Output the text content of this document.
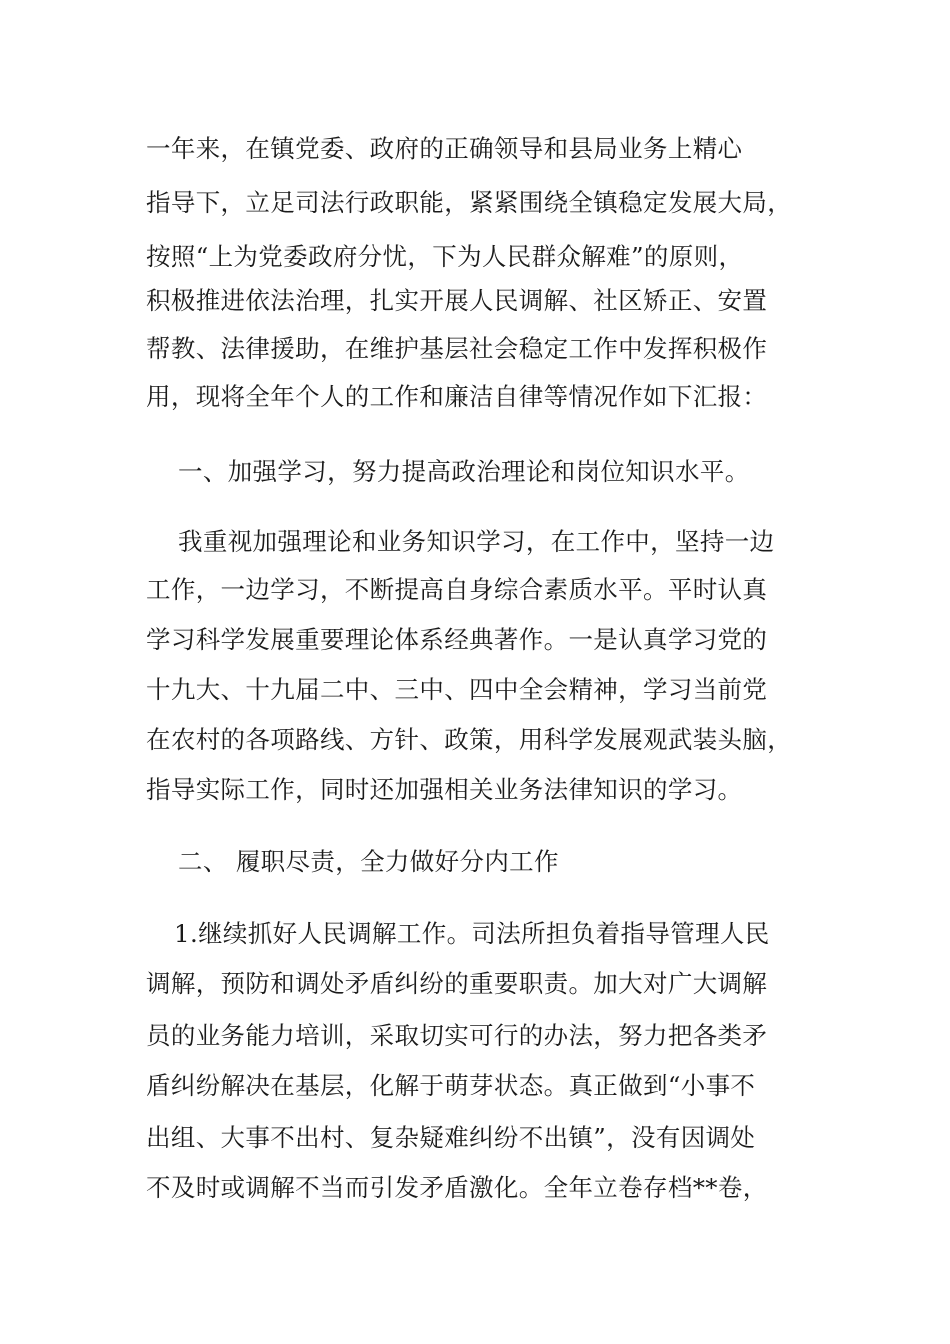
一年来，在镇党委、政府的正确领导和县局业务上精心
指导下，立足司法行政职能，紧紧围绕全镇稳定发展大局，
按照“上为党委政府分忧，下为人民群众解难”的原则，
积极推进依法治理，扎实开展人民调解、社区矫正、安置
帮教、法律援助，在维护基层社会稳定工作中发挥积极作
用，现将全年个人的工作和廉洁自律等情况作如下汇报：
一、加强学习，努力提高政治理论和岗位知识水平。
我重视加强理论和业务知识学习，在工作中，坚持一边
工作，一边学习，不断提高自身综合素质水平。平时认真
学习科学发展重要理论体系经典著作。一是认真学习党的
十九大、十九届二中、三中、四中全会精神，学习当前党
在农村的各项路线、方针、政策，用科学发展观武装头脑，
指导实际工作，同时还加强相关业务法律知识的学习。
二、 履职尽责，全力做好分内工作
1.继续抓好人民调解工作。司法所担负着指导管理人民
调解，预防和调处矛盾纠纷的重要职责。加大对广大调解
员的业务能力培训，采取切实可行的办法，努力把各类矛
盾纠纷解决在基层，化解于萌芽状态。真正做到“小事不
出组、大事不出村、复杂疑难纠纷不出镇”，没有因调处
不及时或调解不当而引发矛盾激化。全年立卷存档**卷，
